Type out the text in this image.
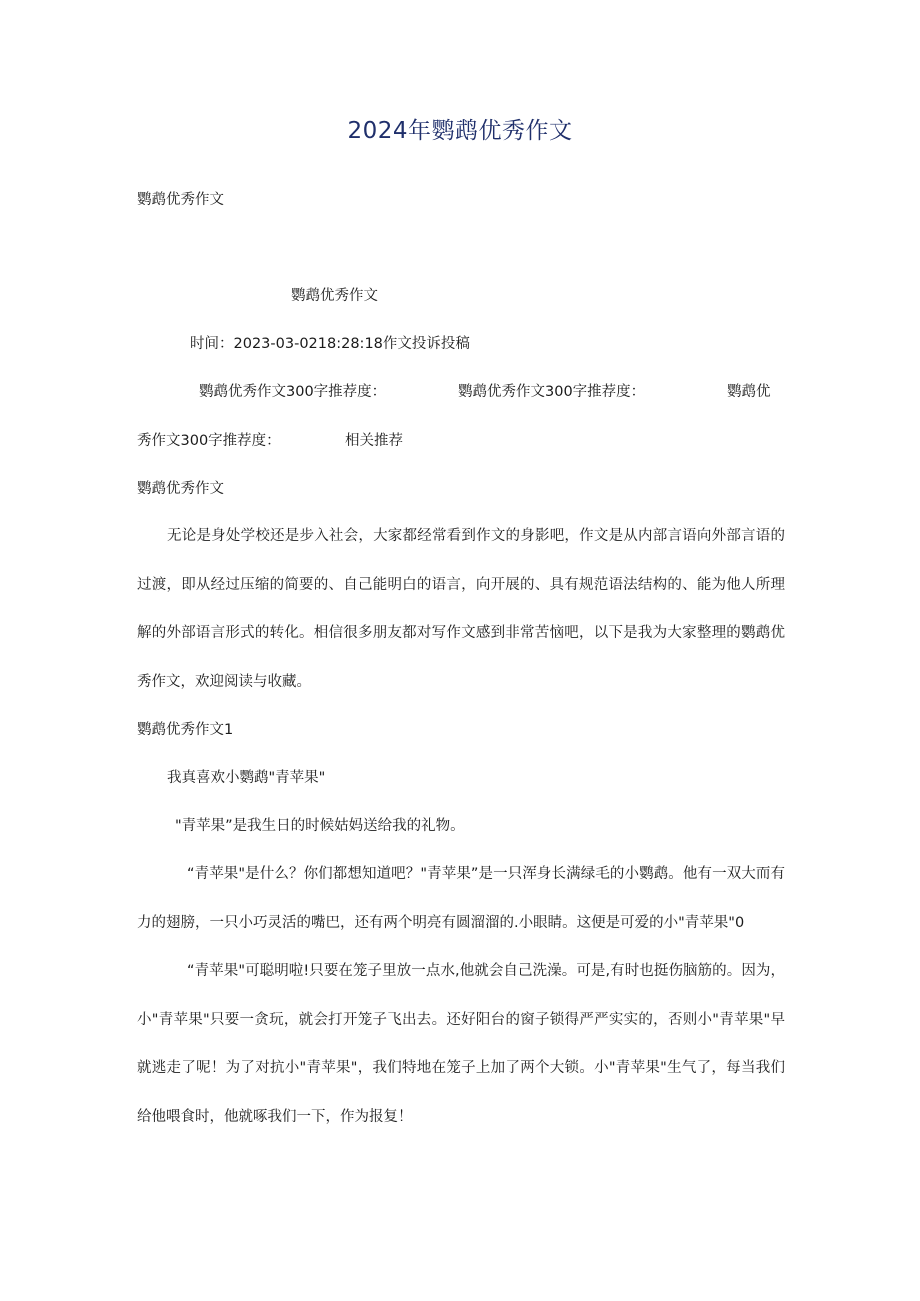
2024年鹦鹉优秀作文
鹦鹉优秀作文
鹦鹉优秀作文
时间：2023-03-0218:28:18作文投诉投稿
鹦鹉优秀作文300字推荐度：	鹦鹉优秀作文300字推荐度：	鹦鹉优
秀作文300字推荐度：	相关推荐
鹦鹉优秀作文

无论是身处学校还是步入社会，大家都经常看到作文的身影吧，作文是从内部言语向外部言语的过渡，即从经过压缩的简要的、自己能明白的语言，向开展的、具有规范语法结构的、能为他人所理解的外部语言形式的转化。相信很多朋友都对写作文感到非常苦恼吧，以下是我为大家整理的鹦鹉优秀作文，欢迎阅读与收藏。

鹦鹉优秀作文1
我真喜欢小鹦鹉"青苹果"
"青苹果”是我生日的时候姑妈送给我的礼物。

“青苹果"是什么？你们都想知道吧？"青苹果”是一只浑身长满绿毛的小鹦鹉。他有一双大而有力的翅膀，一只小巧灵活的嘴巴，还有两个明亮有圆溜溜的.小眼睛。这便是可爱的小"青苹果"0

“青苹果"可聪明啦!只要在笼子里放一点水,他就会自己洗澡。可是,有时也挺伤脑筋的。因为，小"青苹果"只要一贪玩，就会打开笼子飞出去。还好阳台的窗子锁得严严实实的，否则小"青苹果"早就逃走了呢！为了对抗小"青苹果"，我们特地在笼子上加了两个大锁。小"青苹果"生气了，每当我们给他喂食时，他就啄我们一下，作为报复！
